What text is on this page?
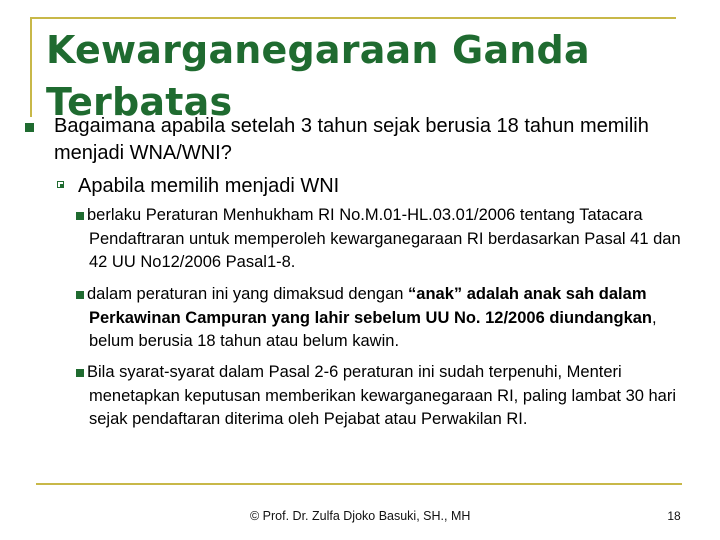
Kewarganegaraan Ganda Terbatas
Bagaimana apabila setelah 3 tahun sejak berusia 18 tahun memilih menjadi WNA/WNI?
Apabila memilih menjadi WNI
berlaku Peraturan Menhukham RI No.M.01-HL.03.01/2006 tentang Tatacara Pendaftraran untuk memperoleh kewarganegaraan RI berdasarkan Pasal 41 dan 42 UU No12/2006 Pasal1-8.
dalam peraturan ini yang dimaksud dengan “anak” adalah anak sah dalam Perkawinan Campuran yang lahir sebelum UU No. 12/2006 diundangkan, belum berusia 18 tahun atau belum kawin.
Bila syarat-syarat dalam Pasal 2-6 peraturan ini sudah terpenuhi, Menteri menetapkan keputusan memberikan kewarganegaraan RI, paling lambat 30 hari sejak pendaftaran diterima oleh Pejabat atau Perwakilan RI.
© Prof. Dr. Zulfa Djoko Basuki, SH., MH	18
